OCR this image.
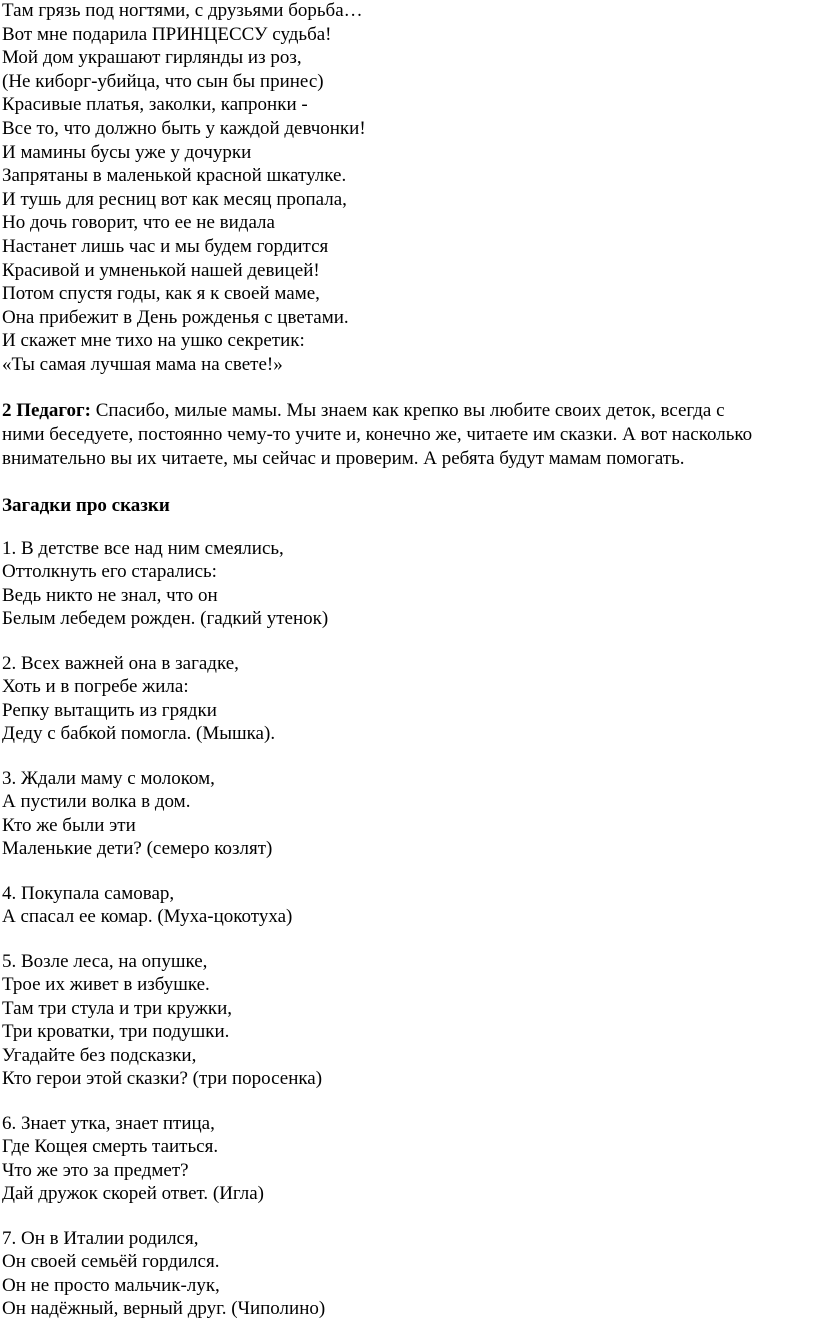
Там грязь под ногтями, с друзьями борьба…
Вот мне подарила ПРИНЦЕССУ судьба!
Мой дом украшают гирлянды из роз,
(Не киборг-убийца, что сын бы принес)
Красивые платья, заколки, капронки -
Все то, что должно быть у каждой девчонки!
И мамины бусы уже у дочурки
Запрятаны в маленькой красной шкатулке.
И тушь для ресниц вот как месяц пропала,
Но дочь говорит, что ее не видала
Настанет лишь час и мы будем гордится
Красивой и умненькой нашей девицей!
Потом спустя годы, как я к своей маме,
Она прибежит в День рожденья с цветами.
И скажет мне тихо на ушко секретик:
«Ты самая лучшая мама на свете!»
2 Педагог: Спасибо, милые мамы. Мы знаем как крепко вы любите своих деток, всегда с
ними беседуете, постоянно чему-то учите и, конечно же, читаете им сказки. А вот насколько
внимательно вы их читаете, мы сейчас и проверим. А ребята будут мамам помогать.
Загадки про сказки
1. В детстве все над ним смеялись,
Оттолкнуть его старались:
Ведь никто не знал, что он
Белым лебедем рожден. (гадкий утенок)
2. Всех важней она в загадке,
Хоть и в погребе жила:
Репку вытащить из грядки
Деду с бабкой помогла. (Мышка).
3. Ждали маму с молоком,
А пустили волка в дом.
Кто же были эти
Маленькие дети? (семеро козлят)
4. Покупала самовар,
А спасал ее комар. (Муха-цокотуха)
5. Возле леса, на опушке,
Трое их живет в избушке.
Там три стула и три кружки,
Три кроватки, три подушки.
Угадайте без подсказки,
Кто герои этой сказки? (три поросенка)
6. Знает утка, знает птица,
Где Кощея смерть таиться.
Что же это за предмет?
Дай дружок скорей ответ. (Игла)
7. Он в Италии родился,
Он своей семьёй гордился.
Он не просто мальчик-лук,
Он надёжный, верный друг. (Чиполино)
